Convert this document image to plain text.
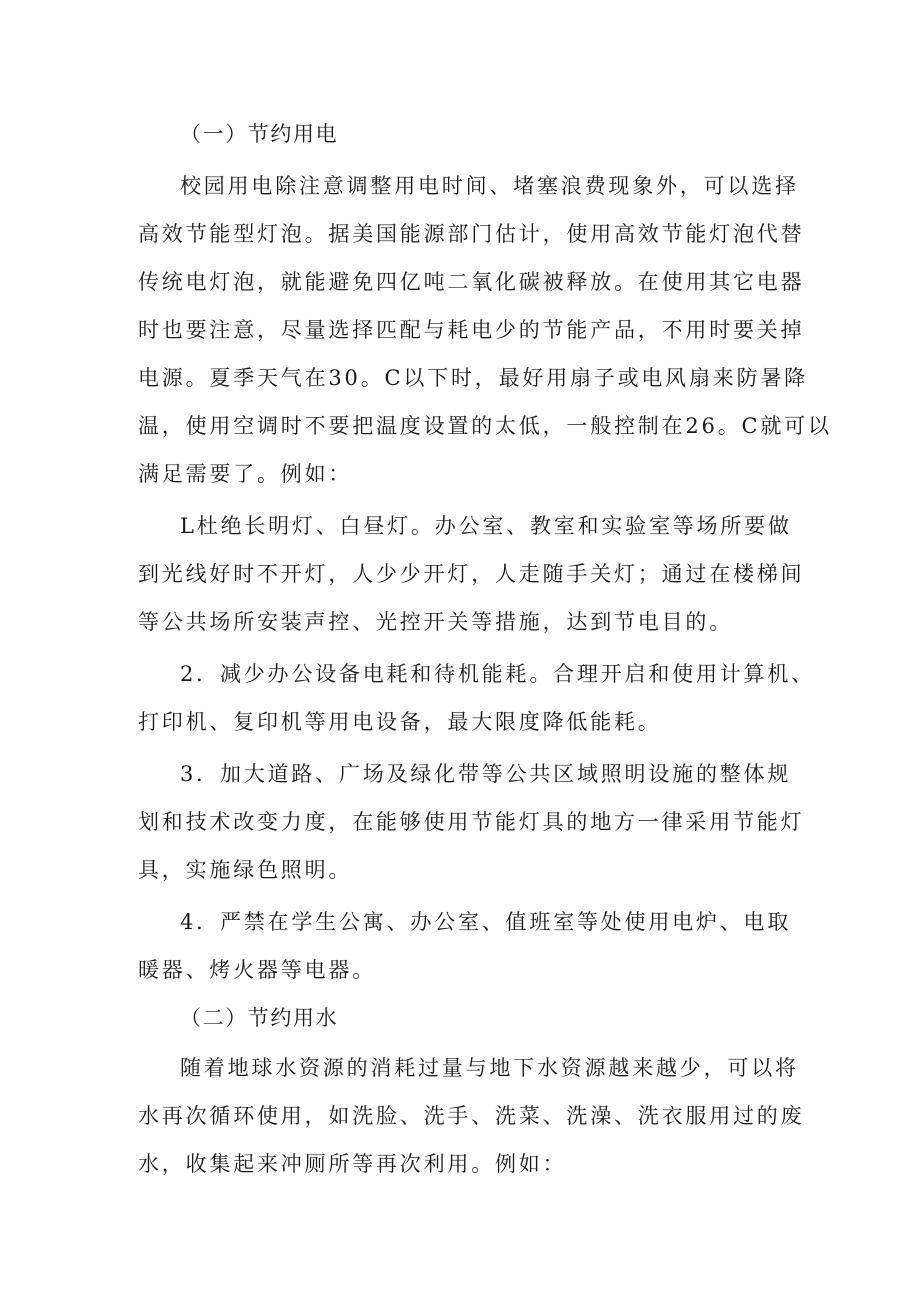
（一）节约用电
校园用电除注意调整用电时间、堵塞浪费现象外，可以选择
高效节能型灯泡。据美国能源部门估计，使用高效节能灯泡代替
传统电灯泡，就能避免四亿吨二氧化碳被释放。在使用其它电器
时也要注意，尽量选择匹配与耗电少的节能产品，不用时要关掉
电源。夏季天气在30。C以下时，最好用扇子或电风扇来防暑降
温，使用空调时不要把温度设置的太低，一般控制在26。C就可以
满足需要了。例如：
L杜绝长明灯、白昼灯。办公室、教室和实验室等场所要做
到光线好时不开灯，人少少开灯，人走随手关灯；通过在楼梯间
等公共场所安装声控、光控开关等措施，达到节电目的。
2．减少办公设备电耗和待机能耗。合理开启和使用计算机、
打印机、复印机等用电设备，最大限度降低能耗。
3．加大道路、广场及绿化带等公共区域照明设施的整体规
划和技术改变力度，在能够使用节能灯具的地方一律采用节能灯
具，实施绿色照明。
4．严禁在学生公寓、办公室、值班室等处使用电炉、电取
暖器、烤火器等电器。
（二）节约用水
随着地球水资源的消耗过量与地下水资源越来越少，可以将
水再次循环使用，如洗脸、洗手、洗菜、洗澡、洗衣服用过的废
水，收集起来冲厕所等再次利用。例如：
